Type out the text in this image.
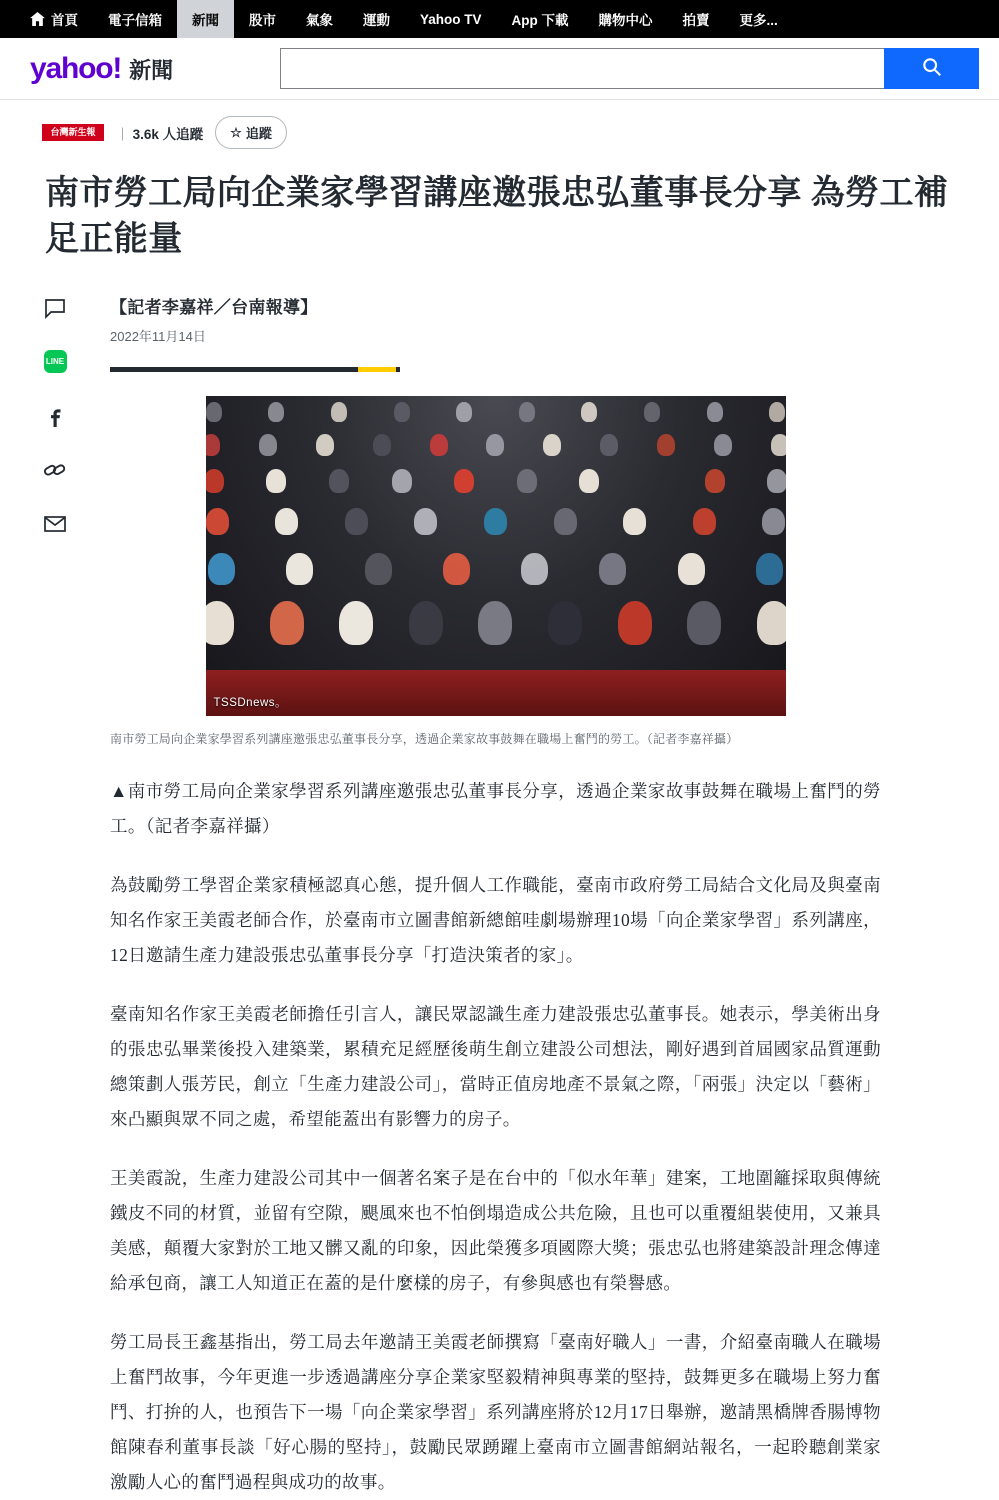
首頁 電子信箱 新聞 股市 氣象 運動 Yahoo TV App 下載 購物中心 拍賣 更多...
yahoo! 新聞
台灣新生報	｜ 3.6k 人追蹤 ☆ 追蹤
南市勞工局向企業家學習講座邀張忠弘董事長分享 為勞工補足正能量
LINE
【記者李嘉祥／台南報導】
2022年11月14日
TSSDnews。
南市勞工局向企業家學習系列講座邀張忠弘董事長分享，透過企業家故事鼓舞在職場上奮鬥的勞工。（記者李嘉祥攝）

▲南市勞工局向企業家學習系列講座邀張忠弘董事長分享，透過企業家故事鼓舞在職場上奮鬥的勞工。（記者李嘉祥攝）

為鼓勵勞工學習企業家積極認真心態，提升個人工作職能，臺南市政府勞工局結合文化局及與臺南知名作家王美霞老師合作，於臺南市立圖書館新總館哇劇場辦理10場「向企業家學習」系列講座，12日邀請生產力建設張忠弘董事長分享「打造決策者的家」。

臺南知名作家王美霞老師擔任引言人，讓民眾認識生產力建設張忠弘董事長。她表示，學美術出身的張忠弘畢業後投入建築業，累積充足經歷後萌生創立建設公司想法，剛好遇到首屆國家品質運動總策劃人張芳民，創立「生產力建設公司」，當時正值房地產不景氣之際，「兩張」決定以「藝術」來凸顯與眾不同之處，希望能蓋出有影響力的房子。

王美霞說，生產力建設公司其中一個著名案子是在台中的「似水年華」建案，工地圍籬採取與傳統鐵皮不同的材質，並留有空隙，颶風來也不怕倒塌造成公共危險，且也可以重覆組裝使用，又兼具美感，顛覆大家對於工地又髒又亂的印象，因此榮獲多項國際大獎；張忠弘也將建築設計理念傳達給承包商，讓工人知道正在蓋的是什麼樣的房子，有參與感也有榮譽感。

勞工局長王鑫基指出，勞工局去年邀請王美霞老師撰寫「臺南好職人」一書，介紹臺南職人在職場上奮鬥故事，今年更進一步透過講座分享企業家堅毅精神與專業的堅持，鼓舞更多在職場上努力奮鬥、打拚的人，也預告下一場「向企業家學習」系列講座將於12月17日舉辦，邀請黑橋牌香腸博物館陳春利董事長談「好心腸的堅持」，鼓勵民眾踴躍上臺南市立圖書館網站報名，一起聆聽創業家激勵人心的奮鬥過程與成功的故事。
